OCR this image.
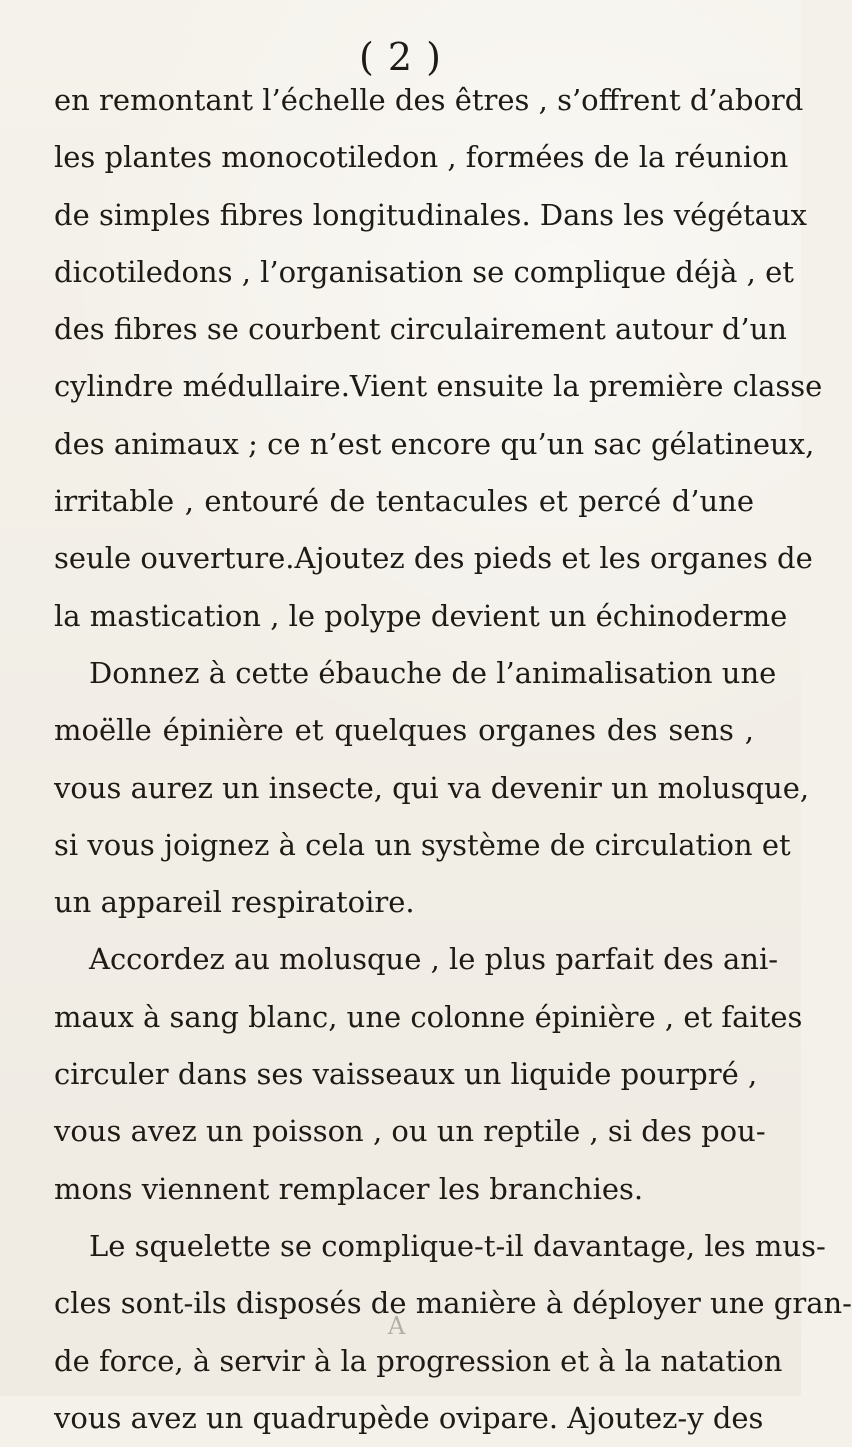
( 2 )
en remontant l’échelle des êtres , s’offrent d’abord
les plantes monocotiledon , formées de la réunion
de simples fibres longitudinales. Dans les végétaux
dicotiledons , l’organisation se complique déjà , et
des fibres se courbent circulairement autour d’un
cylindre médullaire.Vient ensuite la première classe
des animaux ; ce n’est encore qu’un sac gélatineux,
irritable , entouré de tentacules et percé d’une
seule ouverture.Ajoutez des pieds et les organes de
la mastication , le polype devient un échinoderme
Donnez à cette ébauche de l’animalisation une
moëlle épinière et quelques organes des sens ,
vous aurez un insecte, qui va devenir un molusque,
si vous joignez à cela un système de circulation et
un appareil respiratoire.
Accordez au molusque , le plus parfait des ani-
maux à sang blanc, une colonne épinière , et faites
circuler dans ses vaisseaux un liquide pourpré ,
vous avez un poisson , ou un reptile , si des pou-
mons viennent remplacer les branchies.
Le squelette se complique-t-il davantage, les mus-
cles sont-ils disposés de manière à déployer une gran-
de force, à servir à la progression et à la natation
vous avez un quadrupède ovipare. Ajoutez-y des
A
